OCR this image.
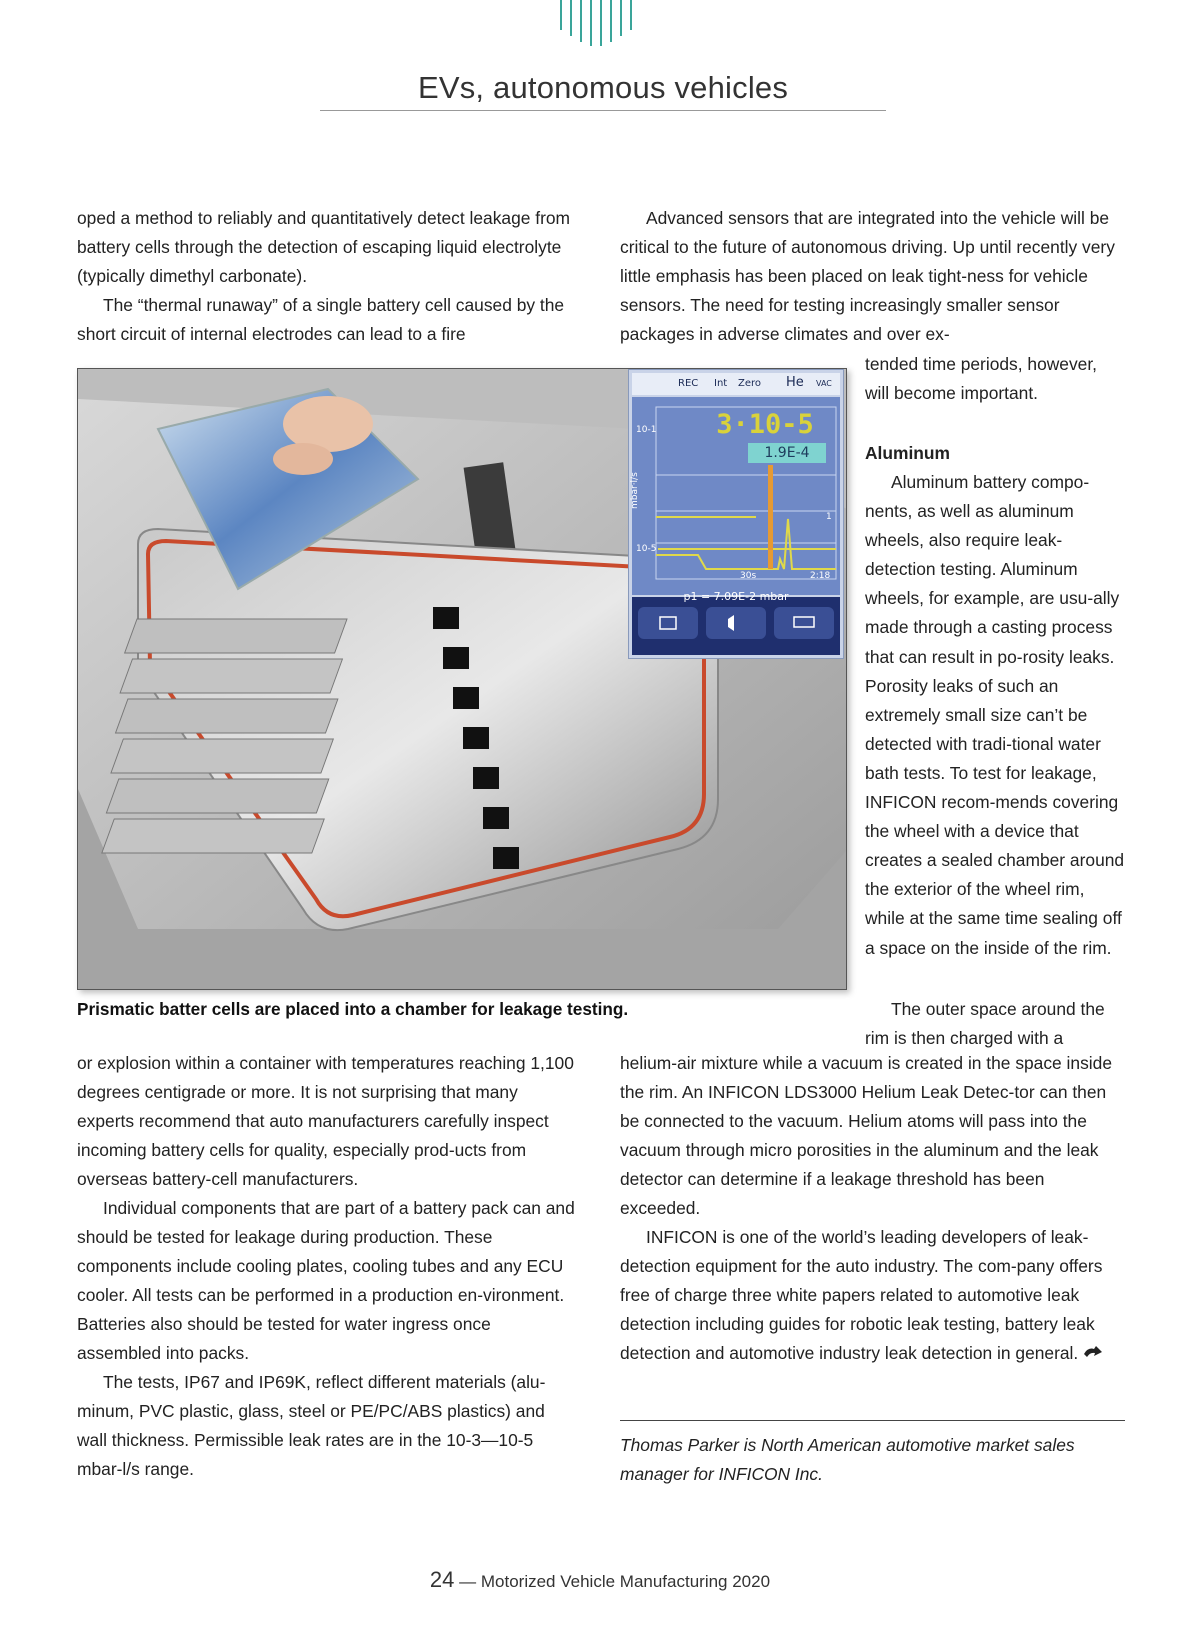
EVs, autonomous vehicles

oped a method to reliably and quantitatively detect leakage from battery cells through the detection of escaping liquid electrolyte (typically dimethyl carbonate).

The “thermal runaway” of a single battery cell caused by the short circuit of internal electrodes can lead to a fire

Advanced sensors that are integrated into the vehicle will be critical to the future of autonomous driving. Up until recently very little emphasis has been placed on leak tight-ness for vehicle sensors. The need for testing increasingly smaller sensor packages in adverse climates and over ex-

tended time periods, however, will become important.

Aluminum

Aluminum battery compo-nents, as well as aluminum wheels, also require leak-detection testing. Aluminum wheels, for example, are usu-ally made through a casting process that can result in po-rosity leaks. Porosity leaks of such an extremely small size can’t be detected with tradi-tional water bath tests. To test for leakage, INFICON recom-mends covering the wheel with a device that creates a sealed chamber around the exterior of the wheel rim, while at the same time sealing off a space on the inside of the rim.

The outer space around the rim is then charged with a

REC Int Zero He VAC
3·10-5
1.9E-4
10-1
10-5
mbar·l/s
1
30s	2:18
p1 = 7.09E-2 mbar

Prismatic batter cells are placed into a chamber for leakage testing.

or explosion within a container with temperatures reaching 1,100 degrees centigrade or more. It is not surprising that many experts recommend that auto manufacturers carefully inspect incoming battery cells for quality, especially prod-ucts from overseas battery-cell manufacturers.

Individual components that are part of a battery pack can and should be tested for leakage during production. These components include cooling plates, cooling tubes and any ECU cooler. All tests can be performed in a production en-vironment. Batteries also should be tested for water ingress once assembled into packs.

The tests, IP67 and IP69K, reflect different materials (alu-minum, PVC plastic, glass, steel or PE/PC/ABS plastics) and wall thickness. Permissible leak rates are in the 10-3—10-5 mbar-l/s range.

helium-air mixture while a vacuum is created in the space inside the rim. An INFICON LDS3000 Helium Leak Detec-tor can then be connected to the vacuum. Helium atoms will pass into the vacuum through micro porosities in the aluminum and the leak detector can determine if a leakage threshold has been exceeded.

INFICON is one of the world’s leading developers of leak-detection equipment for the auto industry. The com-pany offers free of charge three white papers related to automotive leak detection including guides for robotic leak testing, battery leak detection and automotive industry leak detection in general.

Thomas Parker is North American automotive market sales manager for INFICON Inc.

24 — Motorized Vehicle Manufacturing 2020
